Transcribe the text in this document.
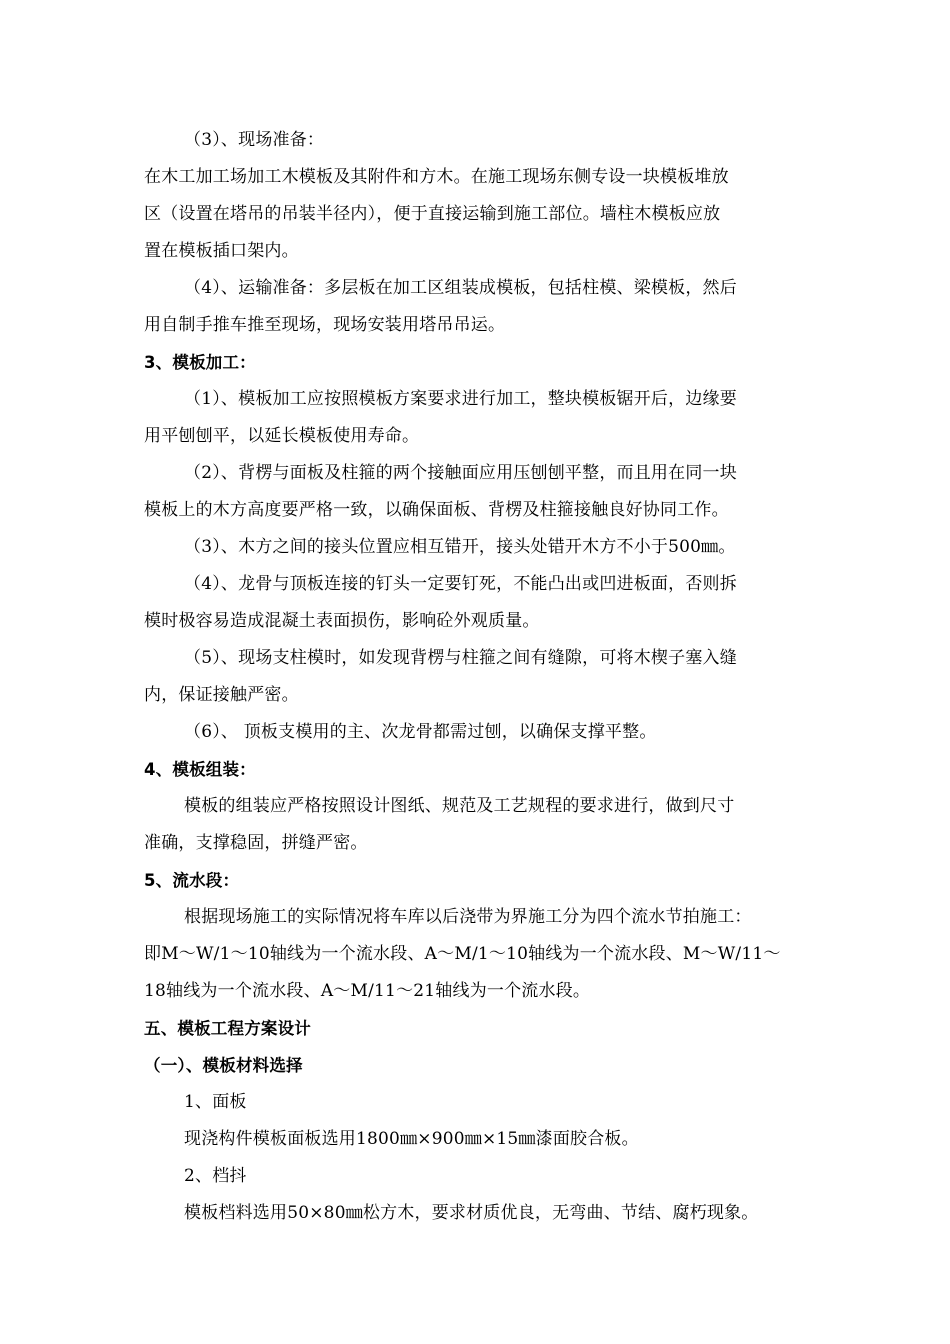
（3）、现场准备：

在木工加工场加工木模板及其附件和方木。在施工现场东侧专设一块模板堆放

区（设置在塔吊的吊装半径内），便于直接运输到施工部位。墙柱木模板应放

置在模板插口架内。

（4）、运输准备：多层板在加工区组装成模板，包括柱模、梁模板，然后

用自制手推车推至现场，现场安装用塔吊吊运。

3、模板加工：

（1）、模板加工应按照模板方案要求进行加工，整块模板锯开后，边缘要

用平刨刨平，以延长模板使用寿命。

（2）、背楞与面板及柱箍的两个接触面应用压刨刨平整，而且用在同一块

模板上的木方高度要严格一致，以确保面板、背楞及柱箍接触良好协同工作。

（3）、木方之间的接头位置应相互错开，接头处错开木方不小于500㎜。

（4）、龙骨与顶板连接的钉头一定要钉死，不能凸出或凹进板面，否则拆

模时极容易造成混凝土表面损伤，影响砼外观质量。

（5）、现场支柱模时，如发现背楞与柱箍之间有缝隙，可将木楔子塞入缝

内，保证接触严密。

（6）、 顶板支模用的主、次龙骨都需过刨，以确保支撑平整。

4、模板组装：

模板的组装应严格按照设计图纸、规范及工艺规程的要求进行，做到尺寸

准确，支撑稳固，拼缝严密。

5、流水段：

根据现场施工的实际情况将车库以后浇带为界施工分为四个流水节拍施工：

即M～W/1～10轴线为一个流水段、A～M/1～10轴线为一个流水段、M～W/11～

18轴线为一个流水段、A～M/11～21轴线为一个流水段。

五、模板工程方案设计

（一）、模板材料选择

1、面板

现浇构件模板面板选用1800㎜×900㎜×15㎜漆面胶合板。

2、档抖

模板档料选用50×80㎜松方木，要求材质优良，无弯曲、节结、腐朽现象。
